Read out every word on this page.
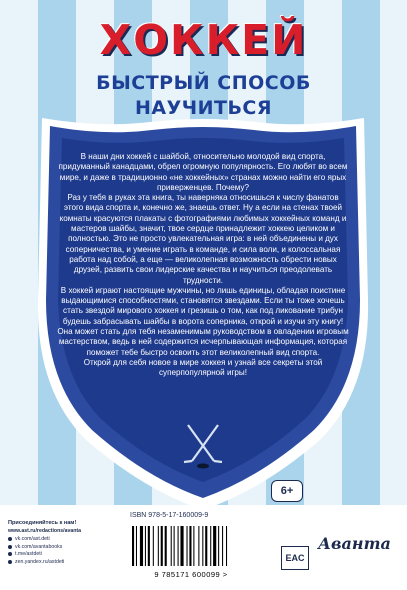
ХОККЕЙ
БЫСТРЫЙ СПОСОБ
НАУЧИТЬСЯ

В наши дни хоккей с шайбой, относительно молодой вид спорта, придуманный канадцами, обрел огромную популярность. Его любят во всем мире, и даже в традиционно «не хоккейных» странах можно найти его ярых приверженцев. Почему?

Раз у тебя в руках эта книга, ты наверняка относишься к числу фанатов этого вида спорта и, конечно же, знаешь ответ. Ну а если на стенах твоей комнаты красуются плакаты с фотографиями любимых хоккейных команд и мастеров шайбы, значит, твое сердце принадлежит хоккею целиком и полностью. Это не просто увлекательная игра: в ней объединены и дух соперничества, и умение играть в команде, и сила воли, и колоссальная работа над собой, а еще — великолепная возможность обрести новых друзей, развить свои лидерские качества и научиться преодолевать трудности.

В хоккей играют настоящие мужчины, но лишь единицы, обладая поистине выдающимися способностями, становятся звездами. Если ты тоже хочешь стать звездой мирового хоккея и грезишь о том, как под ликование трибун будешь забрасывать шайбы в ворота соперника, открой и изучи эту книгу! Она может стать для тебя незаменимым руководством в овладении игровым мастерством, ведь в ней содержится исчерпывающая информация, которая поможет тебе быстро освоить этот великолепный вид спорта.

Открой для себя новое в мире хоккея и узнай все секреты этой суперпопулярной игры!

6+
Присоединяйтесь к нам!
www.ast.ru/redactions/avanta
vk.com/ast.deti
vk.com/avantabooks
t.me/astdeti
zen.yandex.ru/astdeti
ISBN 978-5-17-160009-9
9 785171 600099 >
EAC
Аванта
